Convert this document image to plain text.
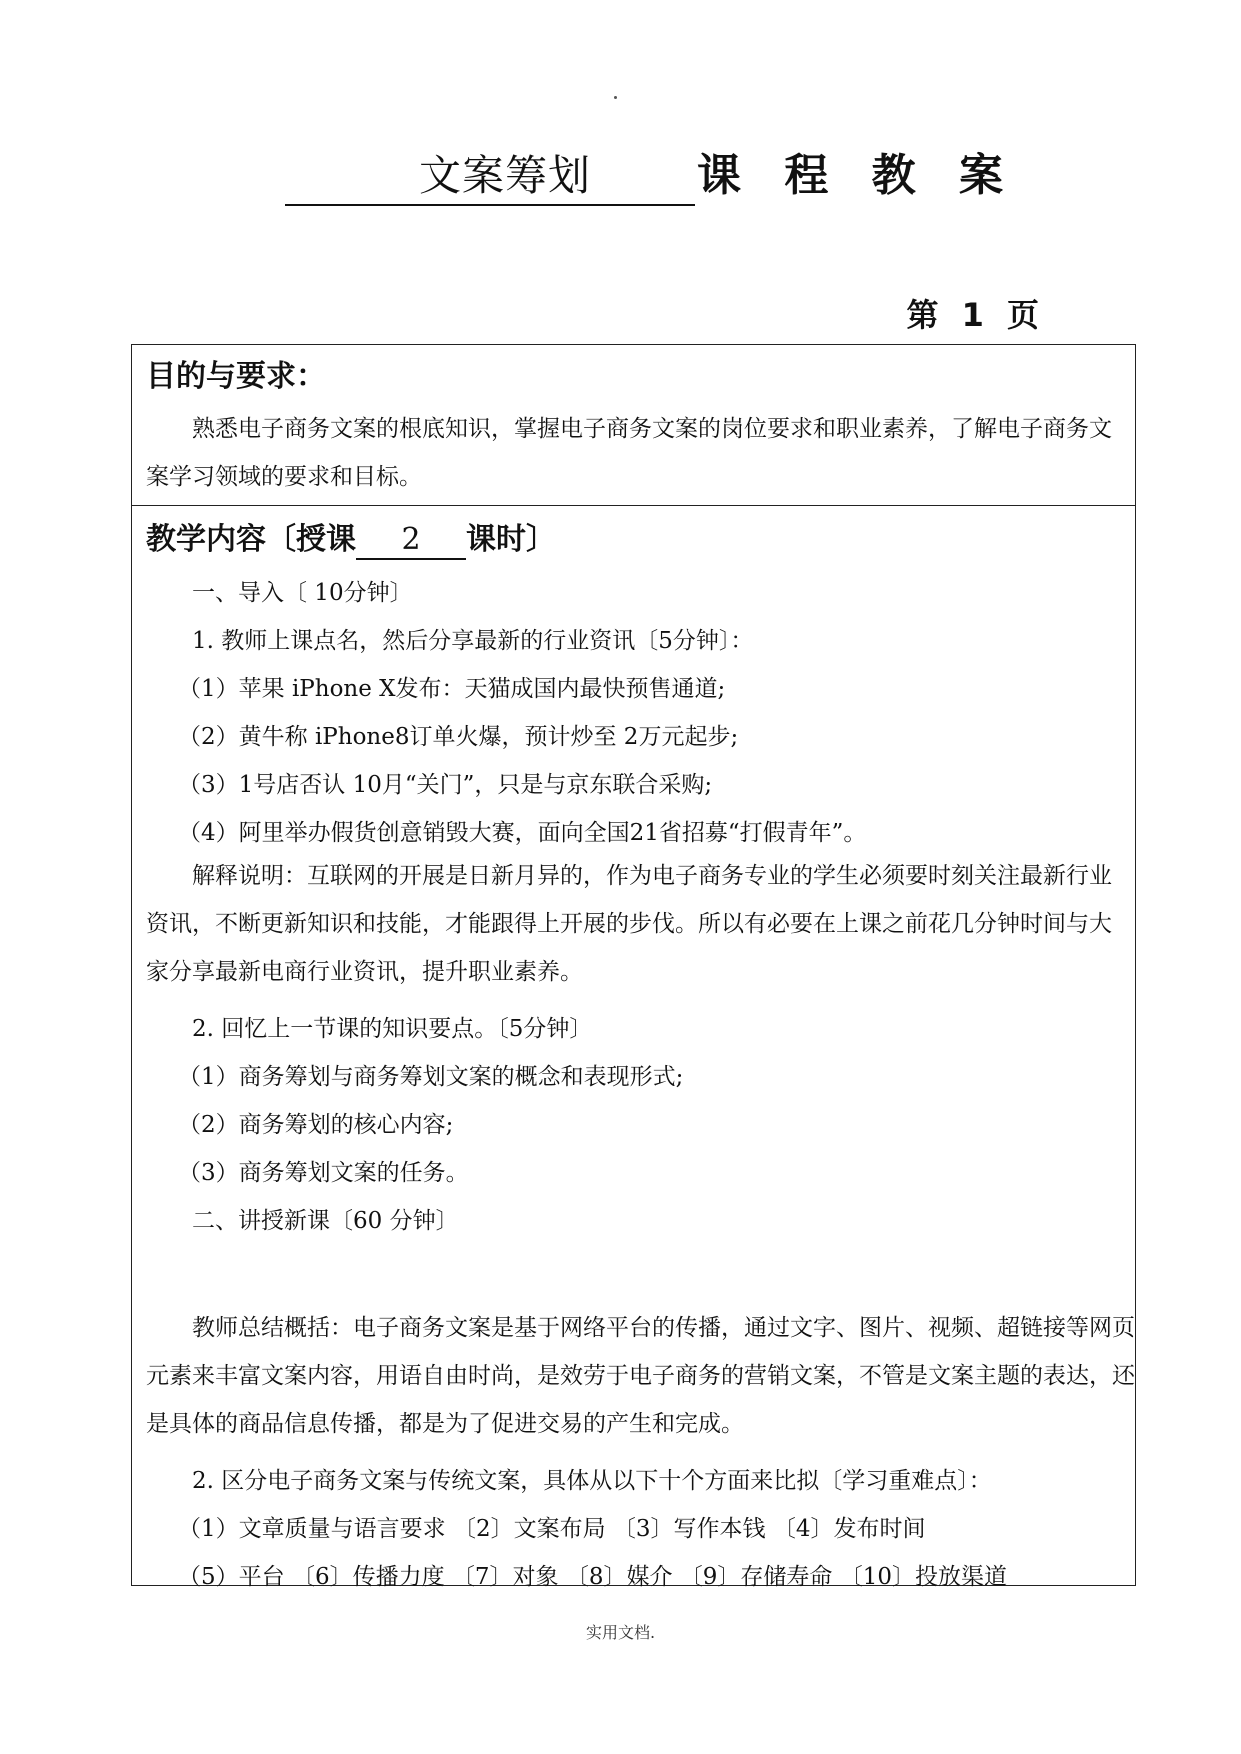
文案筹划	课 程 教 案
第 1 页
目的与要求：

熟悉电子商务文案的根底知识，掌握电子商务文案的岗位要求和职业素养，了解电子商务文案学习领域的要求和目标。

教学内容〔授课 2 课时〕
一、导入〔 10分钟〕
1. 教师上课点名，然后分享最新的行业资讯〔5分钟〕：
（1）苹果 iPhone X发布：天猫成国内最快预售通道;
（2）黄牛称 iPhone8订单火爆，预计炒至 2万元起步;
（3）1号店否认 10月“关门”，只是与京东联合采购;
（4）阿里举办假货创意销毁大赛，面向全国21省招募“打假青年”。

解释说明：互联网的开展是日新月异的，作为电子商务专业的学生必须要时刻关注最新行业资讯，不断更新知识和技能，才能跟得上开展的步伐。所以有必要在上课之前花几分钟时间与大家分享最新电商行业资讯，提升职业素养。

2. 回忆上一节课的知识要点。〔5分钟〕
（1）商务筹划与商务筹划文案的概念和表现形式;
（2）商务筹划的核心内容;
（3）商务筹划文案的任务。
二、讲授新课〔60 分钟〕

教师总结概括：电子商务文案是基于网络平台的传播，通过文字、图片、视频、超链接等网页元素来丰富文案内容，用语自由时尚，是效劳于电子商务的营销文案，不管是文案主题的表达，还是具体的商品信息传播，都是为了促进交易的产生和完成。

2. 区分电子商务文案与传统文案，具体从以下十个方面来比拟〔学习重难点〕：
（1）文章质量与语言要求 〔2〕文案布局 〔3〕写作本钱 〔4〕发布时间
（5）平台 〔6〕传播力度 〔7〕对象 〔8〕媒介 〔9〕存储寿命 〔10〕投放渠道
实用文档.
